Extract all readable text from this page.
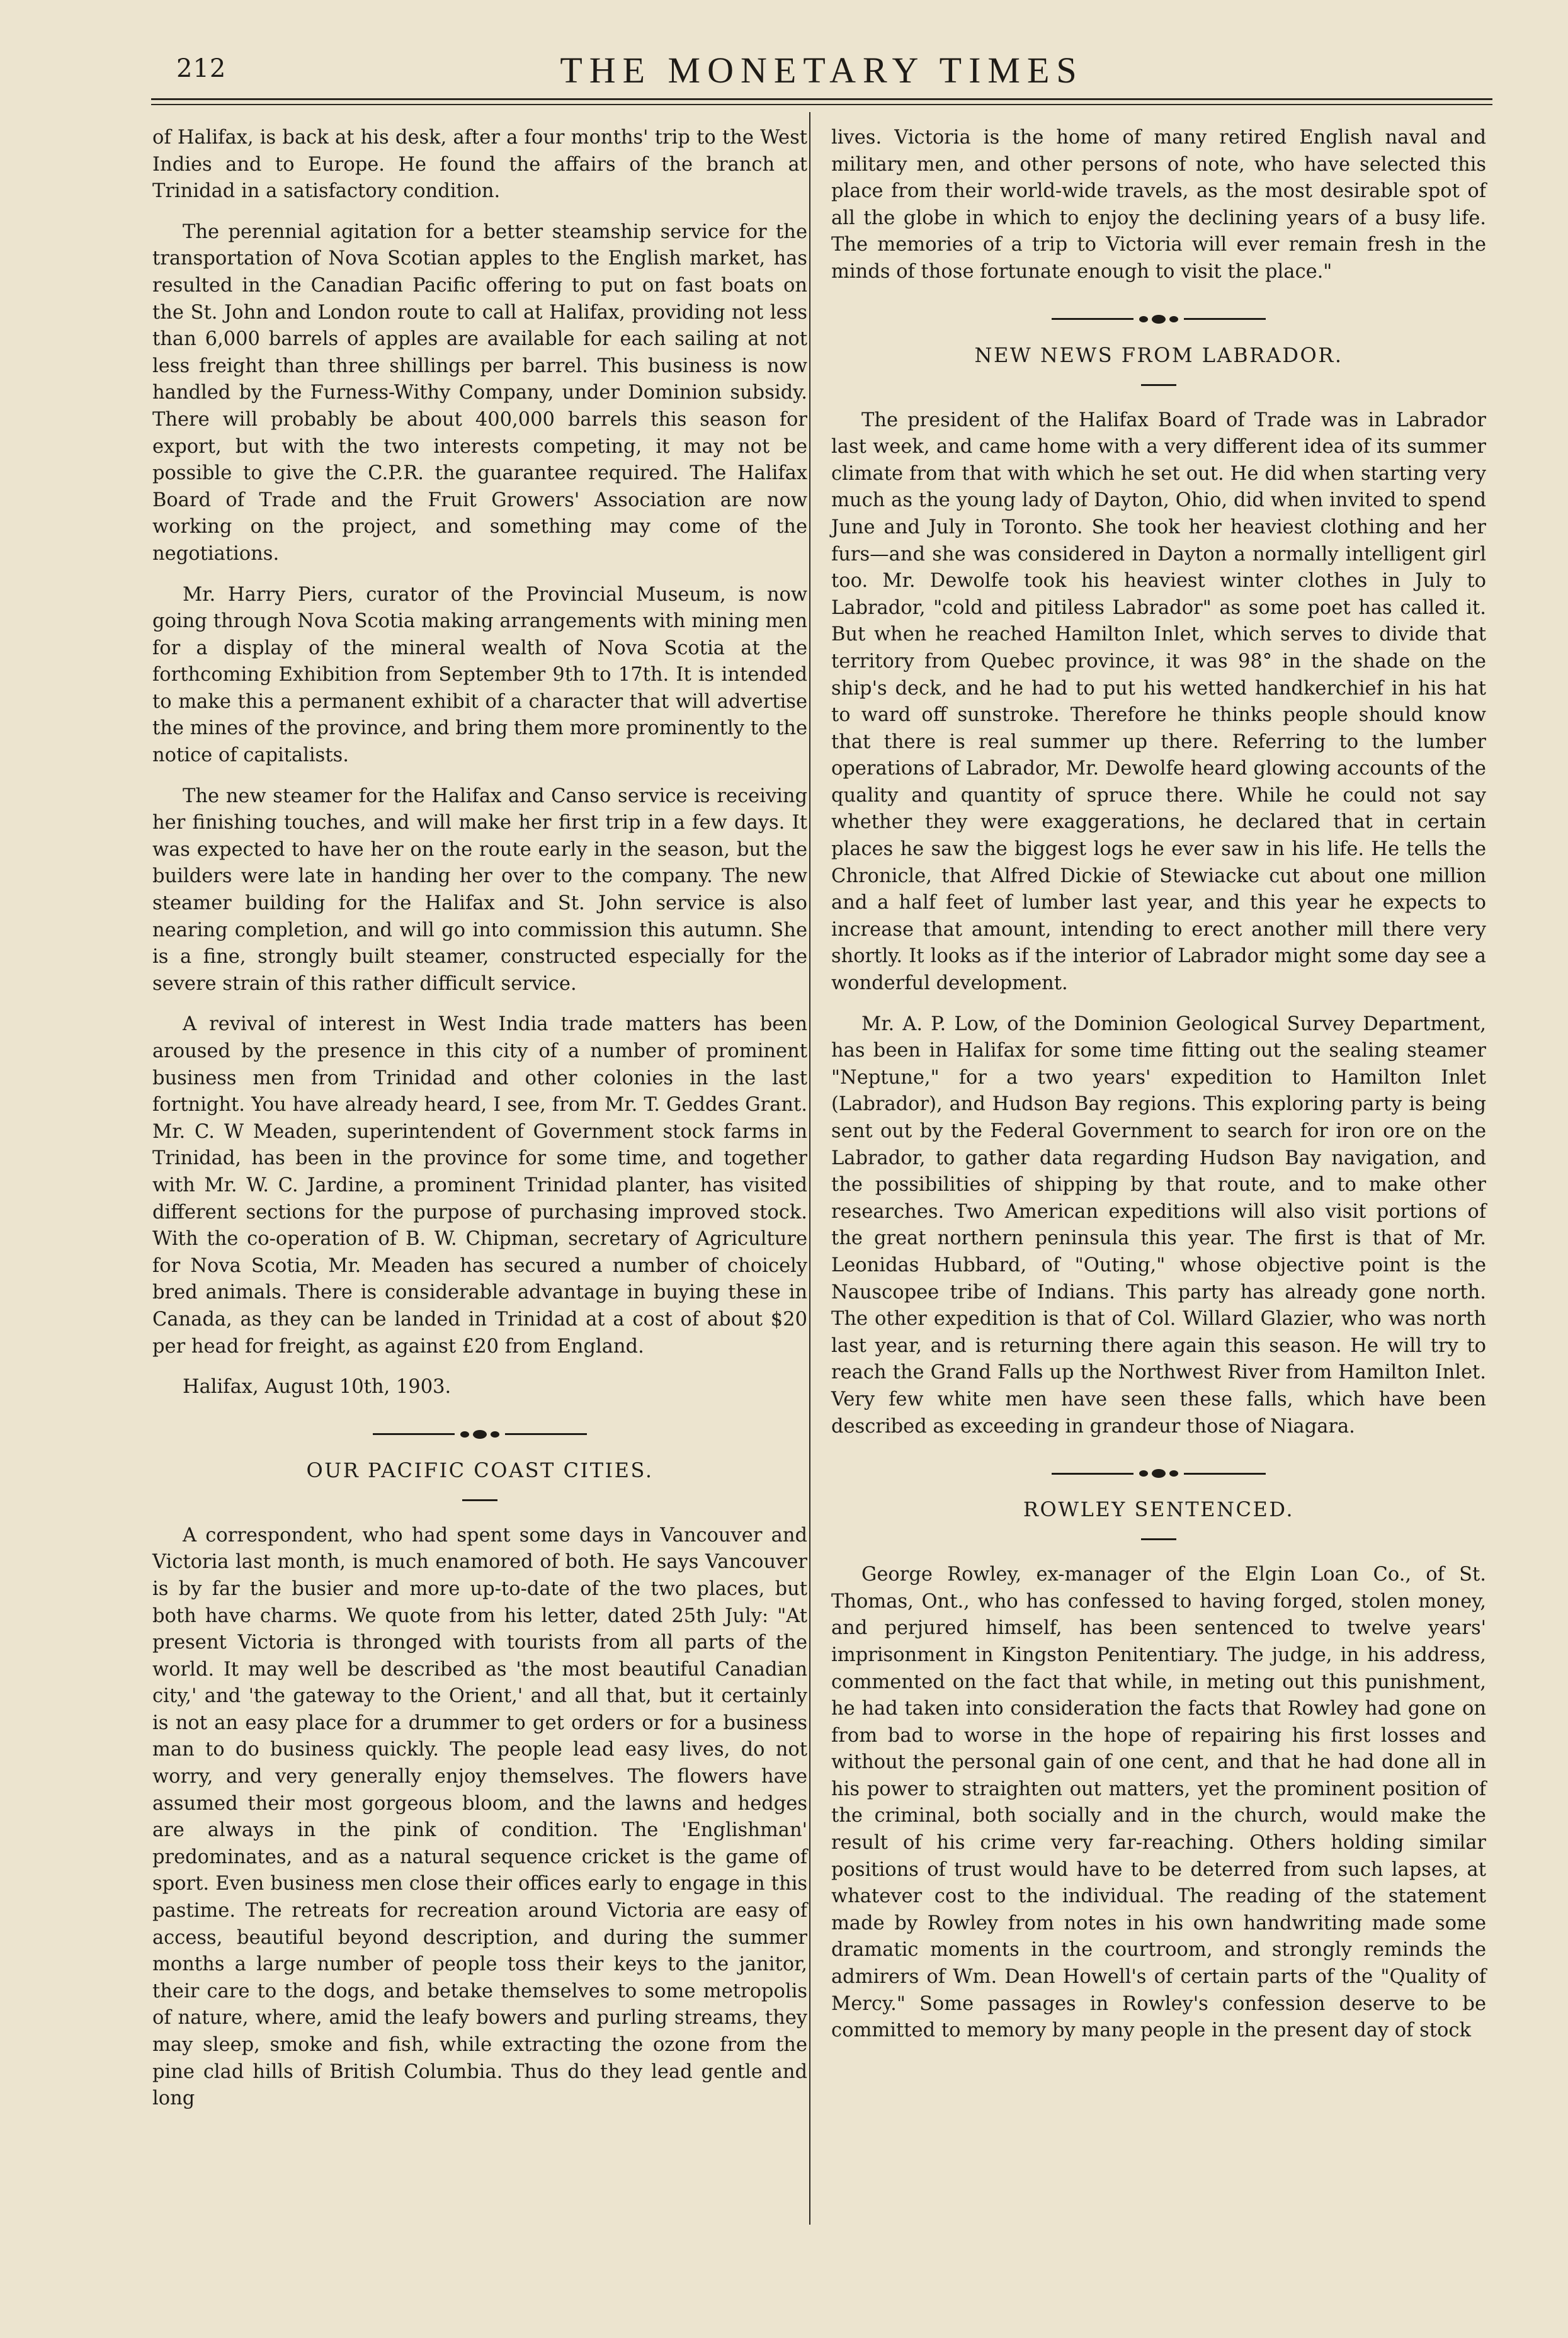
212	THE MONETARY TIMES

of Halifax, is back at his desk, after a four months' trip to the West Indies and to Europe. He found the affairs of the branch at Trinidad in a satisfactory condition.

The perennial agitation for a better steamship service for the transportation of Nova Scotian apples to the English market, has resulted in the Canadian Pacific offering to put on fast boats on the St. John and London route to call at Halifax, providing not less than 6,000 barrels of apples are available for each sailing at not less freight than three shillings per barrel. This business is now handled by the Furness-Withy Company, under Dominion subsidy. There will probably be about 400,000 barrels this season for export, but with the two interests competing, it may not be possible to give the C.P.R. the guarantee required. The Halifax Board of Trade and the Fruit Growers' Association are now working on the project, and something may come of the negotiations.

Mr. Harry Piers, curator of the Provincial Museum, is now going through Nova Scotia making arrangements with mining men for a display of the mineral wealth of Nova Scotia at the forthcoming Exhibition from September 9th to 17th. It is intended to make this a permanent exhibit of a character that will advertise the mines of the province, and bring them more prominently to the notice of capitalists.

The new steamer for the Halifax and Canso service is receiving her finishing touches, and will make her first trip in a few days. It was expected to have her on the route early in the season, but the builders were late in handing her over to the company. The new steamer building for the Halifax and St. John service is also nearing completion, and will go into commission this autumn. She is a fine, strongly built steamer, constructed especially for the severe strain of this rather difficult service.

A revival of interest in West India trade matters has been aroused by the presence in this city of a number of prominent business men from Trinidad and other colonies in the last fortnight. You have already heard, I see, from Mr. T. Geddes Grant. Mr. C. W Meaden, superintendent of Government stock farms in Trinidad, has been in the province for some time, and together with Mr. W. C. Jardine, a prominent Trinidad planter, has visited different sections for the purpose of purchasing improved stock. With the co-operation of B. W. Chipman, secretary of Agriculture for Nova Scotia, Mr. Meaden has secured a number of choicely bred animals. There is considerable advantage in buying these in Canada, as they can be landed in Trinidad at a cost of about $20 per head for freight, as against £20 from England.

Halifax, August 10th, 1903.

OUR PACIFIC COAST CITIES.

A correspondent, who had spent some days in Vancouver and Victoria last month, is much enamored of both. He says Vancouver is by far the busier and more up-to-date of the two places, but both have charms. We quote from his letter, dated 25th July: "At present Victoria is thronged with tourists from all parts of the world. It may well be described as 'the most beautiful Canadian city,' and 'the gateway to the Orient,' and all that, but it certainly is not an easy place for a drummer to get orders or for a business man to do business quickly. The people lead easy lives, do not worry, and very generally enjoy themselves. The flowers have assumed their most gorgeous bloom, and the lawns and hedges are always in the pink of condition. The 'Englishman' predominates, and as a natural sequence cricket is the game of sport. Even business men close their offices early to engage in this pastime. The retreats for recreation around Victoria are easy of access, beautiful beyond description, and during the summer months a large number of people toss their keys to the janitor, their care to the dogs, and betake themselves to some metropolis of nature, where, amid the leafy bowers and purling streams, they may sleep, smoke and fish, while extracting the ozone from the pine clad hills of British Columbia. Thus do they lead gentle and long

lives. Victoria is the home of many retired English naval and military men, and other persons of note, who have selected this place from their world-wide travels, as the most desirable spot of all the globe in which to enjoy the declining years of a busy life. The memories of a trip to Victoria will ever remain fresh in the minds of those fortunate enough to visit the place."

NEW NEWS FROM LABRADOR.

The president of the Halifax Board of Trade was in Labrador last week, and came home with a very different idea of its summer climate from that with which he set out. He did when starting very much as the young lady of Dayton, Ohio, did when invited to spend June and July in Toronto. She took her heaviest clothing and her furs—and she was considered in Dayton a normally intelligent girl too. Mr. Dewolfe took his heaviest winter clothes in July to Labrador, "cold and pitiless Labrador" as some poet has called it. But when he reached Hamilton Inlet, which serves to divide that territory from Quebec province, it was 98° in the shade on the ship's deck, and he had to put his wetted handkerchief in his hat to ward off sunstroke. Therefore he thinks people should know that there is real summer up there. Referring to the lumber operations of Labrador, Mr. Dewolfe heard glowing accounts of the quality and quantity of spruce there. While he could not say whether they were exaggerations, he declared that in certain places he saw the biggest logs he ever saw in his life. He tells the Chronicle, that Alfred Dickie of Stewiacke cut about one million and a half feet of lumber last year, and this year he expects to increase that amount, intending to erect another mill there very shortly. It looks as if the interior of Labrador might some day see a wonderful development.

Mr. A. P. Low, of the Dominion Geological Survey Department, has been in Halifax for some time fitting out the sealing steamer "Neptune," for a two years' expedition to Hamilton Inlet (Labrador), and Hudson Bay regions. This exploring party is being sent out by the Federal Government to search for iron ore on the Labrador, to gather data regarding Hudson Bay navigation, and the possibilities of shipping by that route, and to make other researches. Two American expeditions will also visit portions of the great northern peninsula this year. The first is that of Mr. Leonidas Hubbard, of "Outing," whose objective point is the Nauscopee tribe of Indians. This party has already gone north. The other expedition is that of Col. Willard Glazier, who was north last year, and is returning there again this season. He will try to reach the Grand Falls up the Northwest River from Hamilton Inlet. Very few white men have seen these falls, which have been described as exceeding in grandeur those of Niagara.

ROWLEY SENTENCED.

George Rowley, ex-manager of the Elgin Loan Co., of St. Thomas, Ont., who has confessed to having forged, stolen money, and perjured himself, has been sentenced to twelve years' imprisonment in Kingston Penitentiary. The judge, in his address, commented on the fact that while, in meting out this punishment, he had taken into consideration the facts that Rowley had gone on from bad to worse in the hope of repairing his first losses and without the personal gain of one cent, and that he had done all in his power to straighten out matters, yet the prominent position of the criminal, both socially and in the church, would make the result of his crime very far-reaching. Others holding similar positions of trust would have to be deterred from such lapses, at whatever cost to the individual. The reading of the statement made by Rowley from notes in his own handwriting made some dramatic moments in the courtroom, and strongly reminds the admirers of Wm. Dean Howell's of certain parts of the "Quality of Mercy." Some passages in Rowley's confession deserve to be committed to memory by many people in the present day of stock
